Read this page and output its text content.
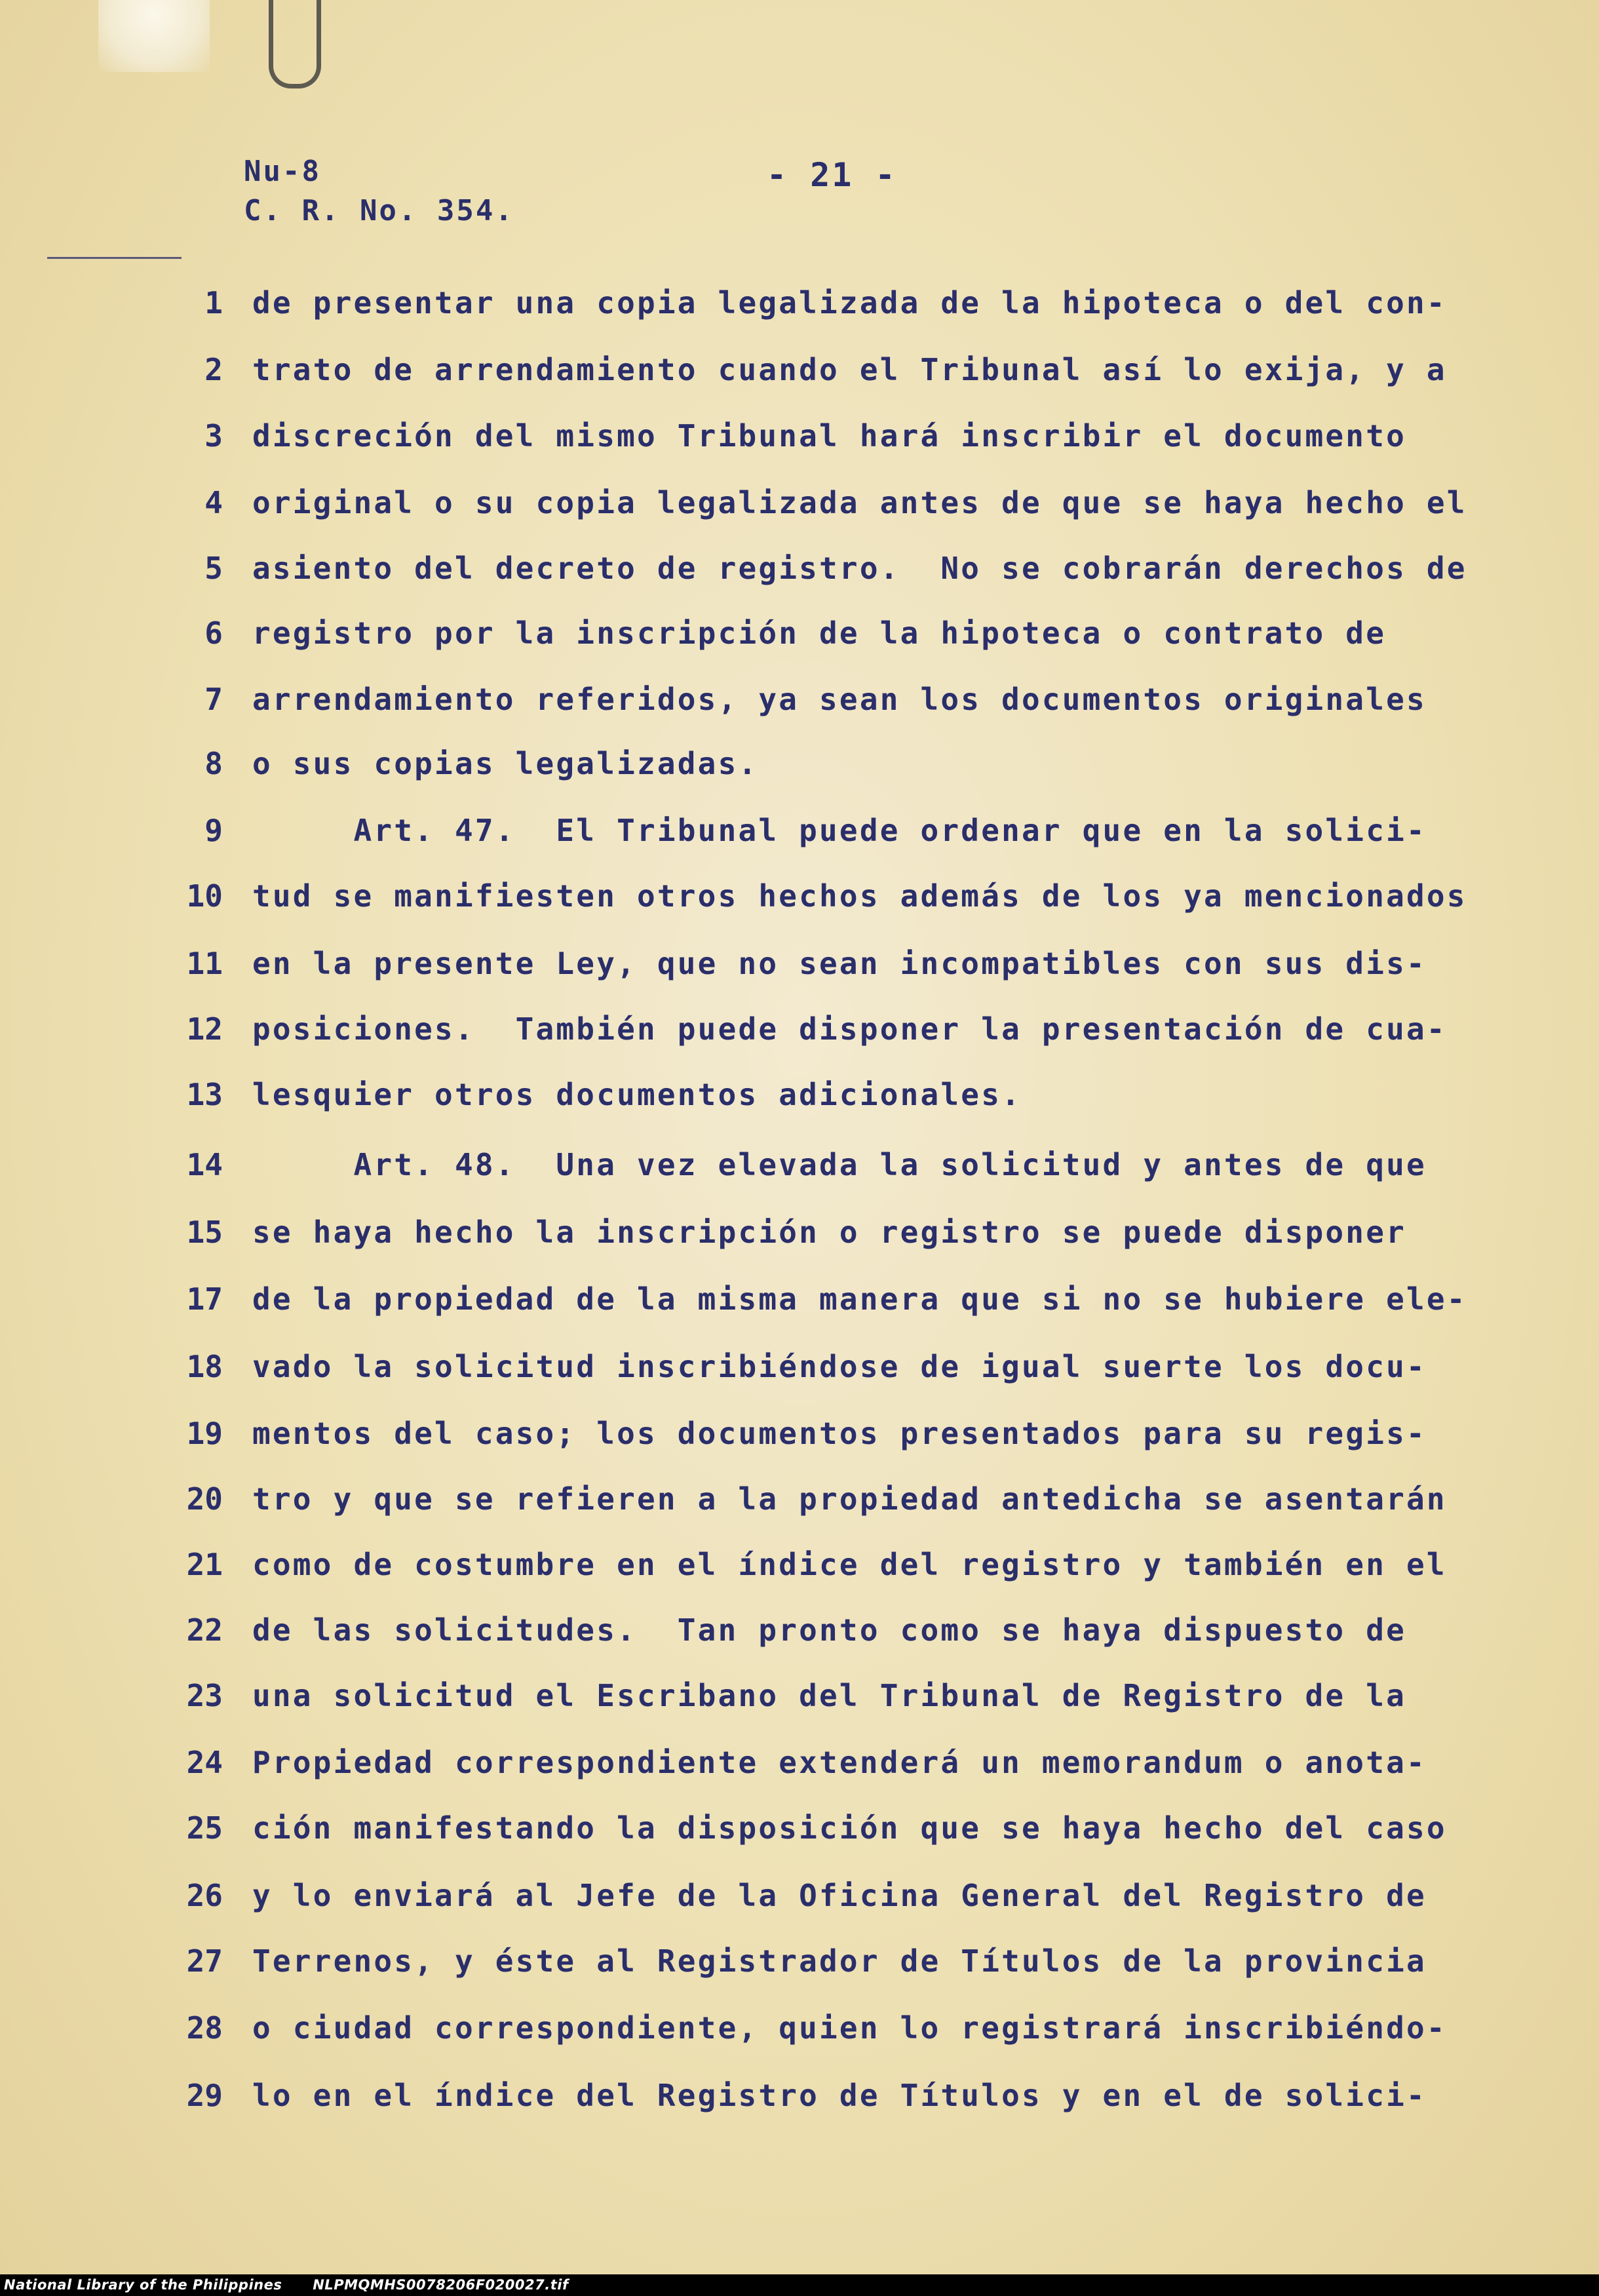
Nu-8
C. R. No. 354.
- 21 -
1 de presentar una copia legalizada de la hipoteca o del con-
2 trato de arrendamiento cuando el Tribunal así lo exija, y a
3 discreción del mismo Tribunal hará inscribir el documento
4 original o su copia legalizada antes de que se haya hecho el
5 asiento del decreto de registro.  No se cobrarán derechos de
6 registro por la inscripción de la hipoteca o contrato de
7 arrendamiento referidos, ya sean los documentos originales
8 o sus copias legalizadas.
9 Art. 47.  El Tribunal puede ordenar que en la solici-
10 tud se manifiesten otros hechos además de los ya mencionados
11 en la presente Ley, que no sean incompatibles con sus dis-
12 posiciones.  También puede disponer la presentación de cua-
13 lesquier otros documentos adicionales.
14 Art. 48.  Una vez elevada la solicitud y antes de que
15 se haya hecho la inscripción o registro se puede disponer
17 de la propiedad de la misma manera que si no se hubiere ele-
18 vado la solicitud inscribiéndose de igual suerte los docu-
19 mentos del caso; los documentos presentados para su regis-
20 tro y que se refieren a la propiedad antedicha se asentarán
21 como de costumbre en el índice del registro y también en el
22 de las solicitudes.  Tan pronto como se haya dispuesto de
23 una solicitud el Escribano del Tribunal de Registro de la
24 Propiedad correspondiente extenderá un memorandum o anota-
25 ción manifestando la disposición que se haya hecho del caso
26 y lo enviará al Jefe de la Oficina General del Registro de
27 Terrenos, y éste al Registrador de Títulos de la provincia
28 o ciudad correspondiente, quien lo registrará inscribiéndo-
29 lo en el índice del Registro de Títulos y en el de solici-
National Library of the Philippines NLPMQMHS0078206F020027.tif
